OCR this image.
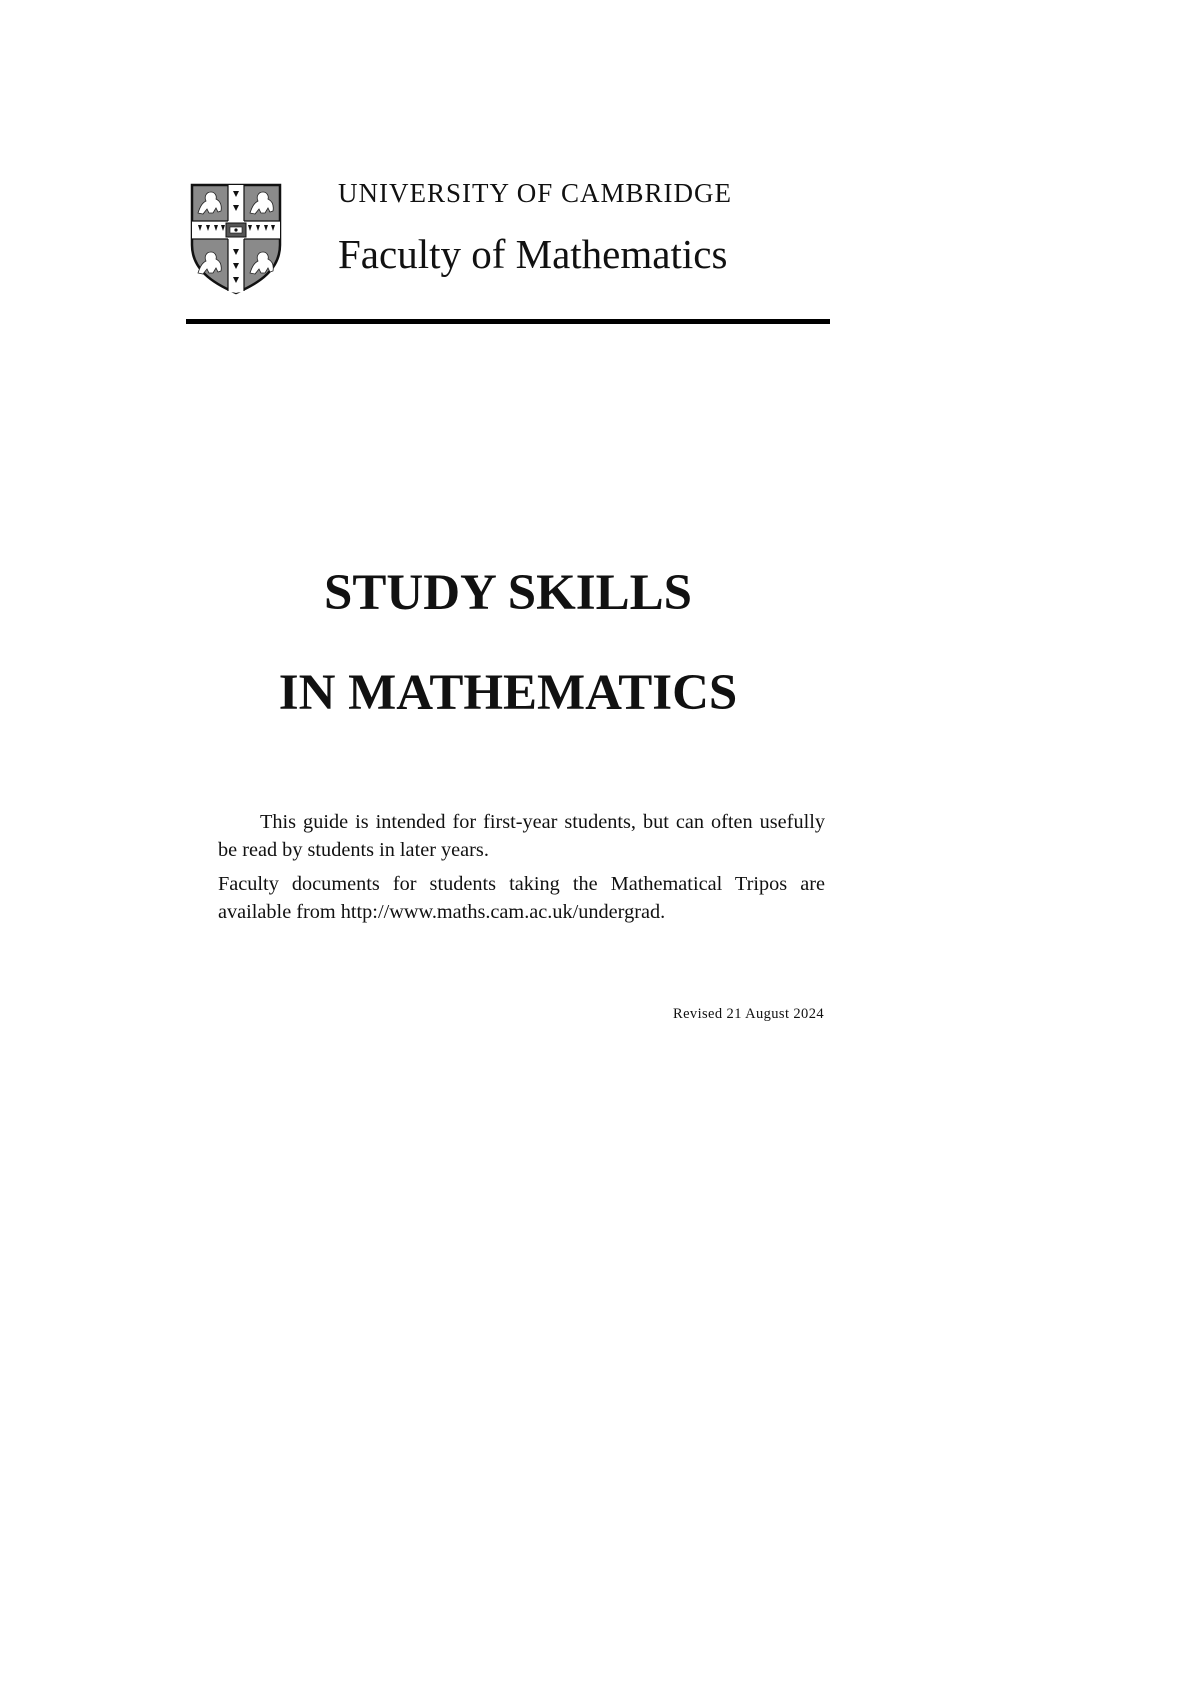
UNIVERSITY OF CAMBRIDGE
Faculty of Mathematics
STUDY SKILLS
IN MATHEMATICS

This guide is intended for first-year students, but can often usefully be read by students in later years.

Faculty documents for students taking the Mathematical Tripos are available from http://www.maths.cam.ac.uk/undergrad.

Revised 21 August 2024
